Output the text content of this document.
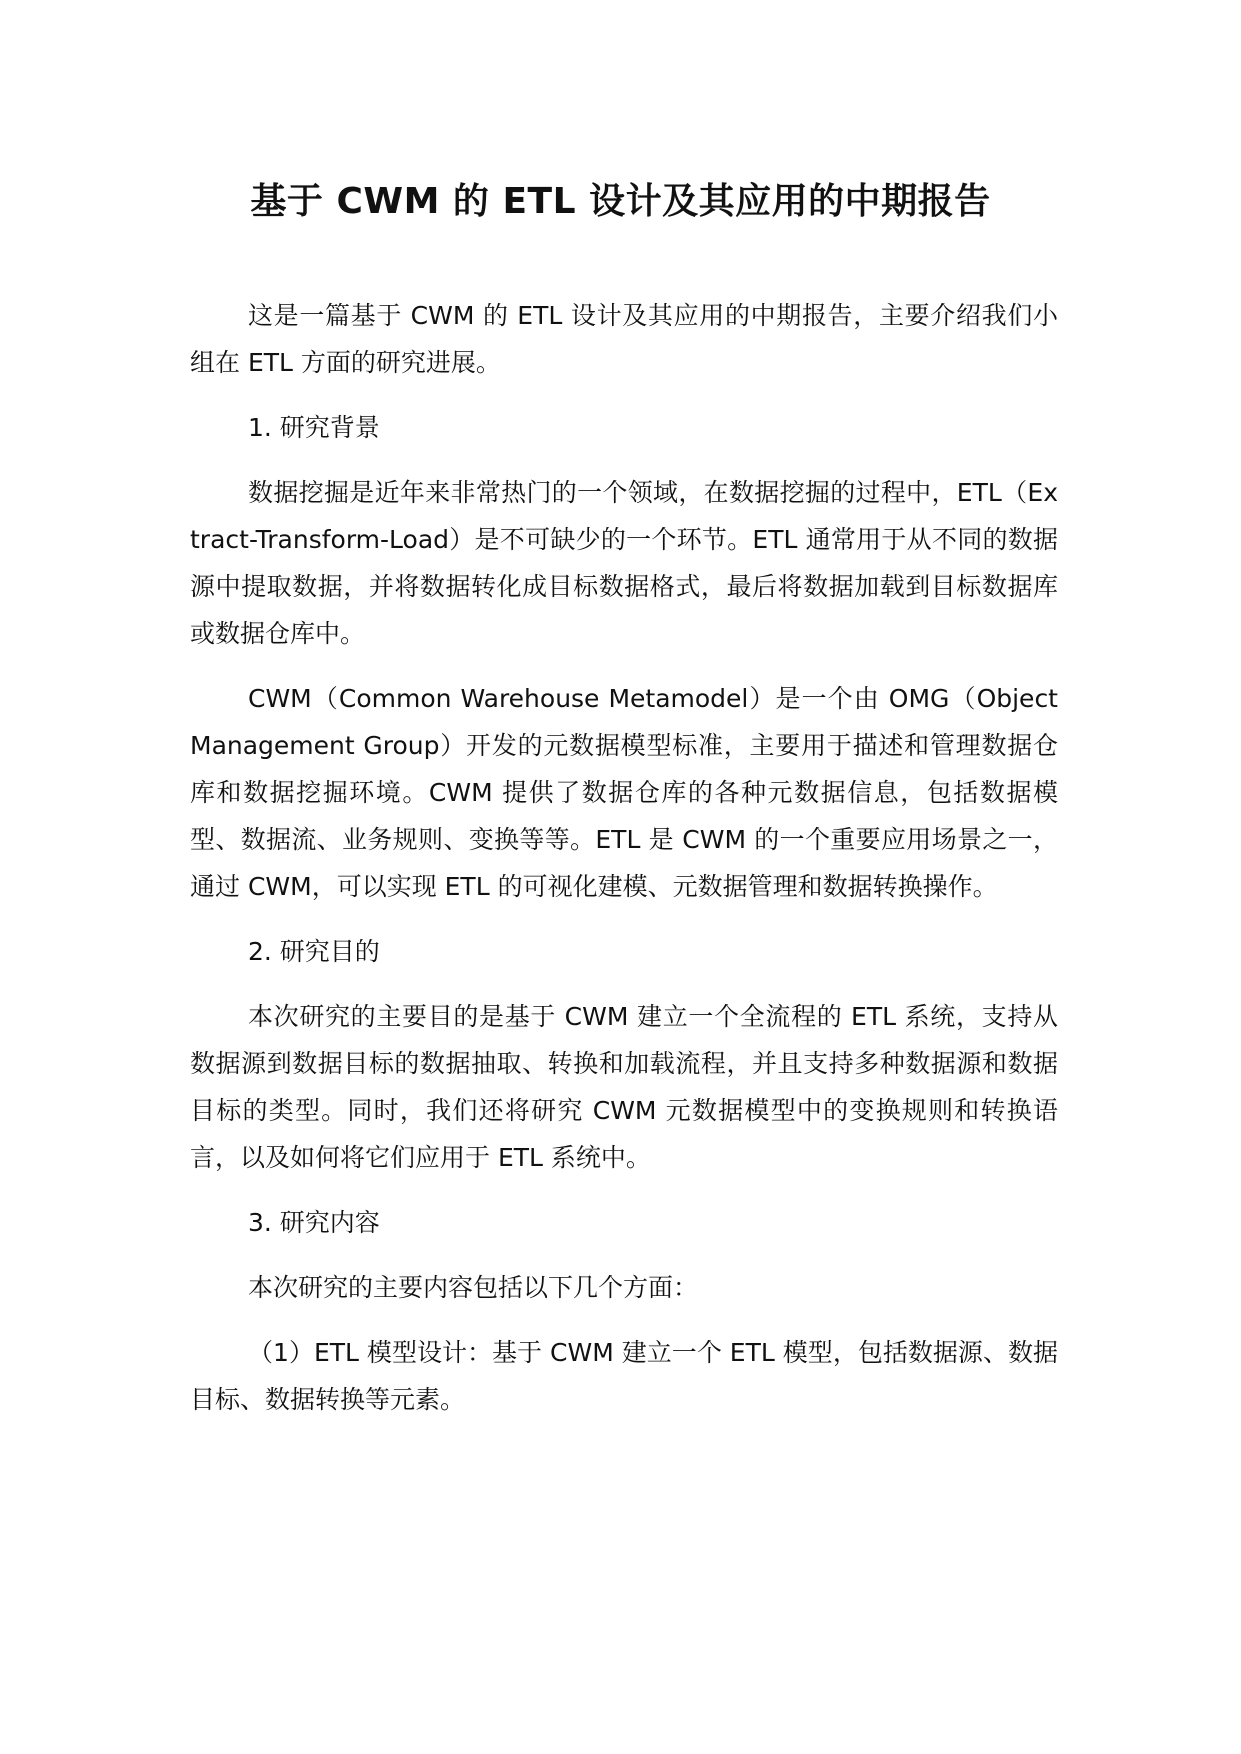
基于 CWM 的 ETL 设计及其应用的中期报告

这是一篇基于 CWM 的 ETL 设计及其应用的中期报告，主要介绍我们小组在 ETL 方面的研究进展。

1. 研究背景

数据挖掘是近年来非常热门的一个领域，在数据挖掘的过程中，ETL（Extract-Transform-Load）是不可缺少的一个环节。ETL 通常用于从不同的数据源中提取数据，并将数据转化成目标数据格式，最后将数据加载到目标数据库或数据仓库中。

CWM（Common Warehouse Metamodel）是一个由 OMG（Object Management Group）开发的元数据模型标准，主要用于描述和管理数据仓库和数据挖掘环境。CWM 提供了数据仓库的各种元数据信息，包括数据模型、数据流、业务规则、变换等等。ETL 是 CWM 的一个重要应用场景之一，通过 CWM，可以实现 ETL 的可视化建模、元数据管理和数据转换操作。

2. 研究目的

本次研究的主要目的是基于 CWM 建立一个全流程的 ETL 系统，支持从数据源到数据目标的数据抽取、转换和加载流程，并且支持多种数据源和数据目标的类型。同时，我们还将研究 CWM 元数据模型中的变换规则和转换语言，以及如何将它们应用于 ETL 系统中。

3. 研究内容

本次研究的主要内容包括以下几个方面：

（1）ETL 模型设计：基于 CWM 建立一个 ETL 模型，包括数据源、数据目标、数据转换等元素。
